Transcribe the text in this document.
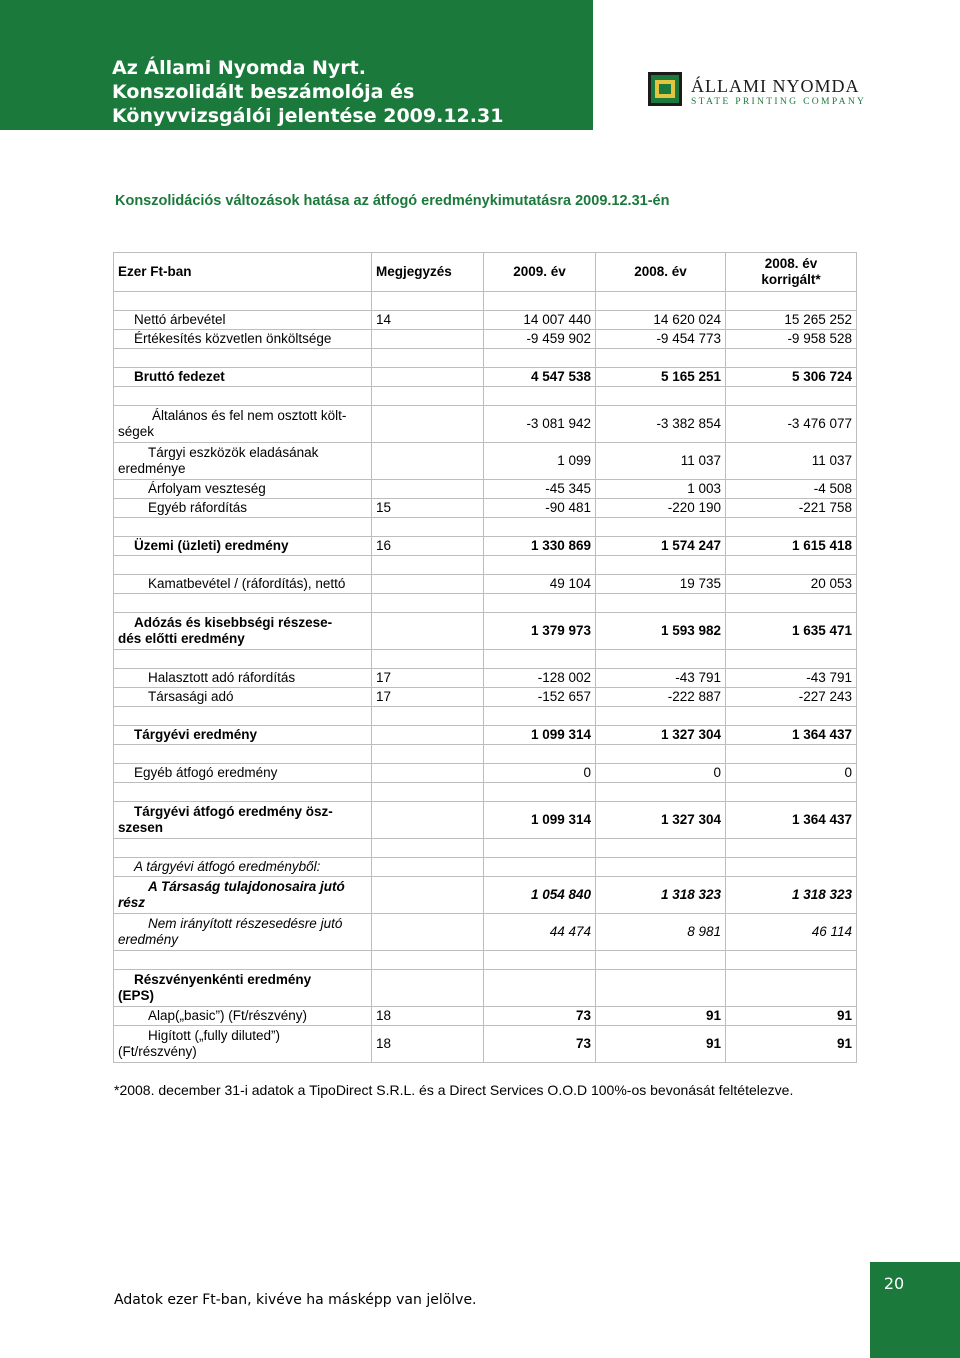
Az Állami Nyomda Nyrt.
Konszolidált beszámolója és
Könyvvizsgálói jelentése 2009.12.31
ÁLLAMI NYOMDA
STATE PRINTING COMPANY
Konszolidációs változások hatása az átfogó eredménykimutatásra 2009.12.31-én
Ezer Ft-ban	Megjegyzés	2009. év	2008. év	2008. év
korrigált*

Nettó árbevétel	14	14 007 440	14 620 024	15 265 252
Értékesítés közvetlen önköltsége		-9 459 902	-9 454 773	-9 958 528

Bruttó fedezet		4 547 538	5 165 251	5 306 724

Általános és fel nem osztott költ-
ségek		-3 081 942	-3 382 854	-3 476 077

Tárgyi eszközök eladásának
eredménye		1 099	11 037	11 037
Árfolyam veszteség		-45 345	1 003	-4 508
Egyéb ráfordítás	15	-90 481	-220 190	-221 758

Üzemi (üzleti) eredmény	16	1 330 869	1 574 247	1 615 418

Kamatbevétel / (ráfordítás), nettó		49 104	19 735	20 053

Adózás és kisebbségi részese-
dés előtti eredmény		1 379 973	1 593 982	1 635 471

Halasztott adó ráfordítás	17	-128 002	-43 791	-43 791
Társasági adó	17	-152 657	-222 887	-227 243

Tárgyévi eredmény		1 099 314	1 327 304	1 364 437

Egyéb átfogó eredmény		0	0	0

Tárgyévi átfogó eredmény ösz-
szesen		1 099 314	1 327 304	1 364 437

A tárgyévi átfogó eredményből:				

A Társaság tulajdonosaira jutó
rész		1 054 840	1 318 323	1 318 323

Nem irányított részesedésre jutó
eredmény		44 474	8 981	46 114

Részvényenkénti eredmény
(EPS)				

Alap(„basic”) (Ft/részvény)	18	73	91	91

Higított („fully diluted”)
(Ft/részvény)	18	73	91	91
*2008. december 31-i adatok a TipoDirect S.R.L. és a Direct Services O.O.D 100%-os bevonását feltételezve.
Adatok ezer Ft-ban, kivéve ha másképp van jelölve.
20
